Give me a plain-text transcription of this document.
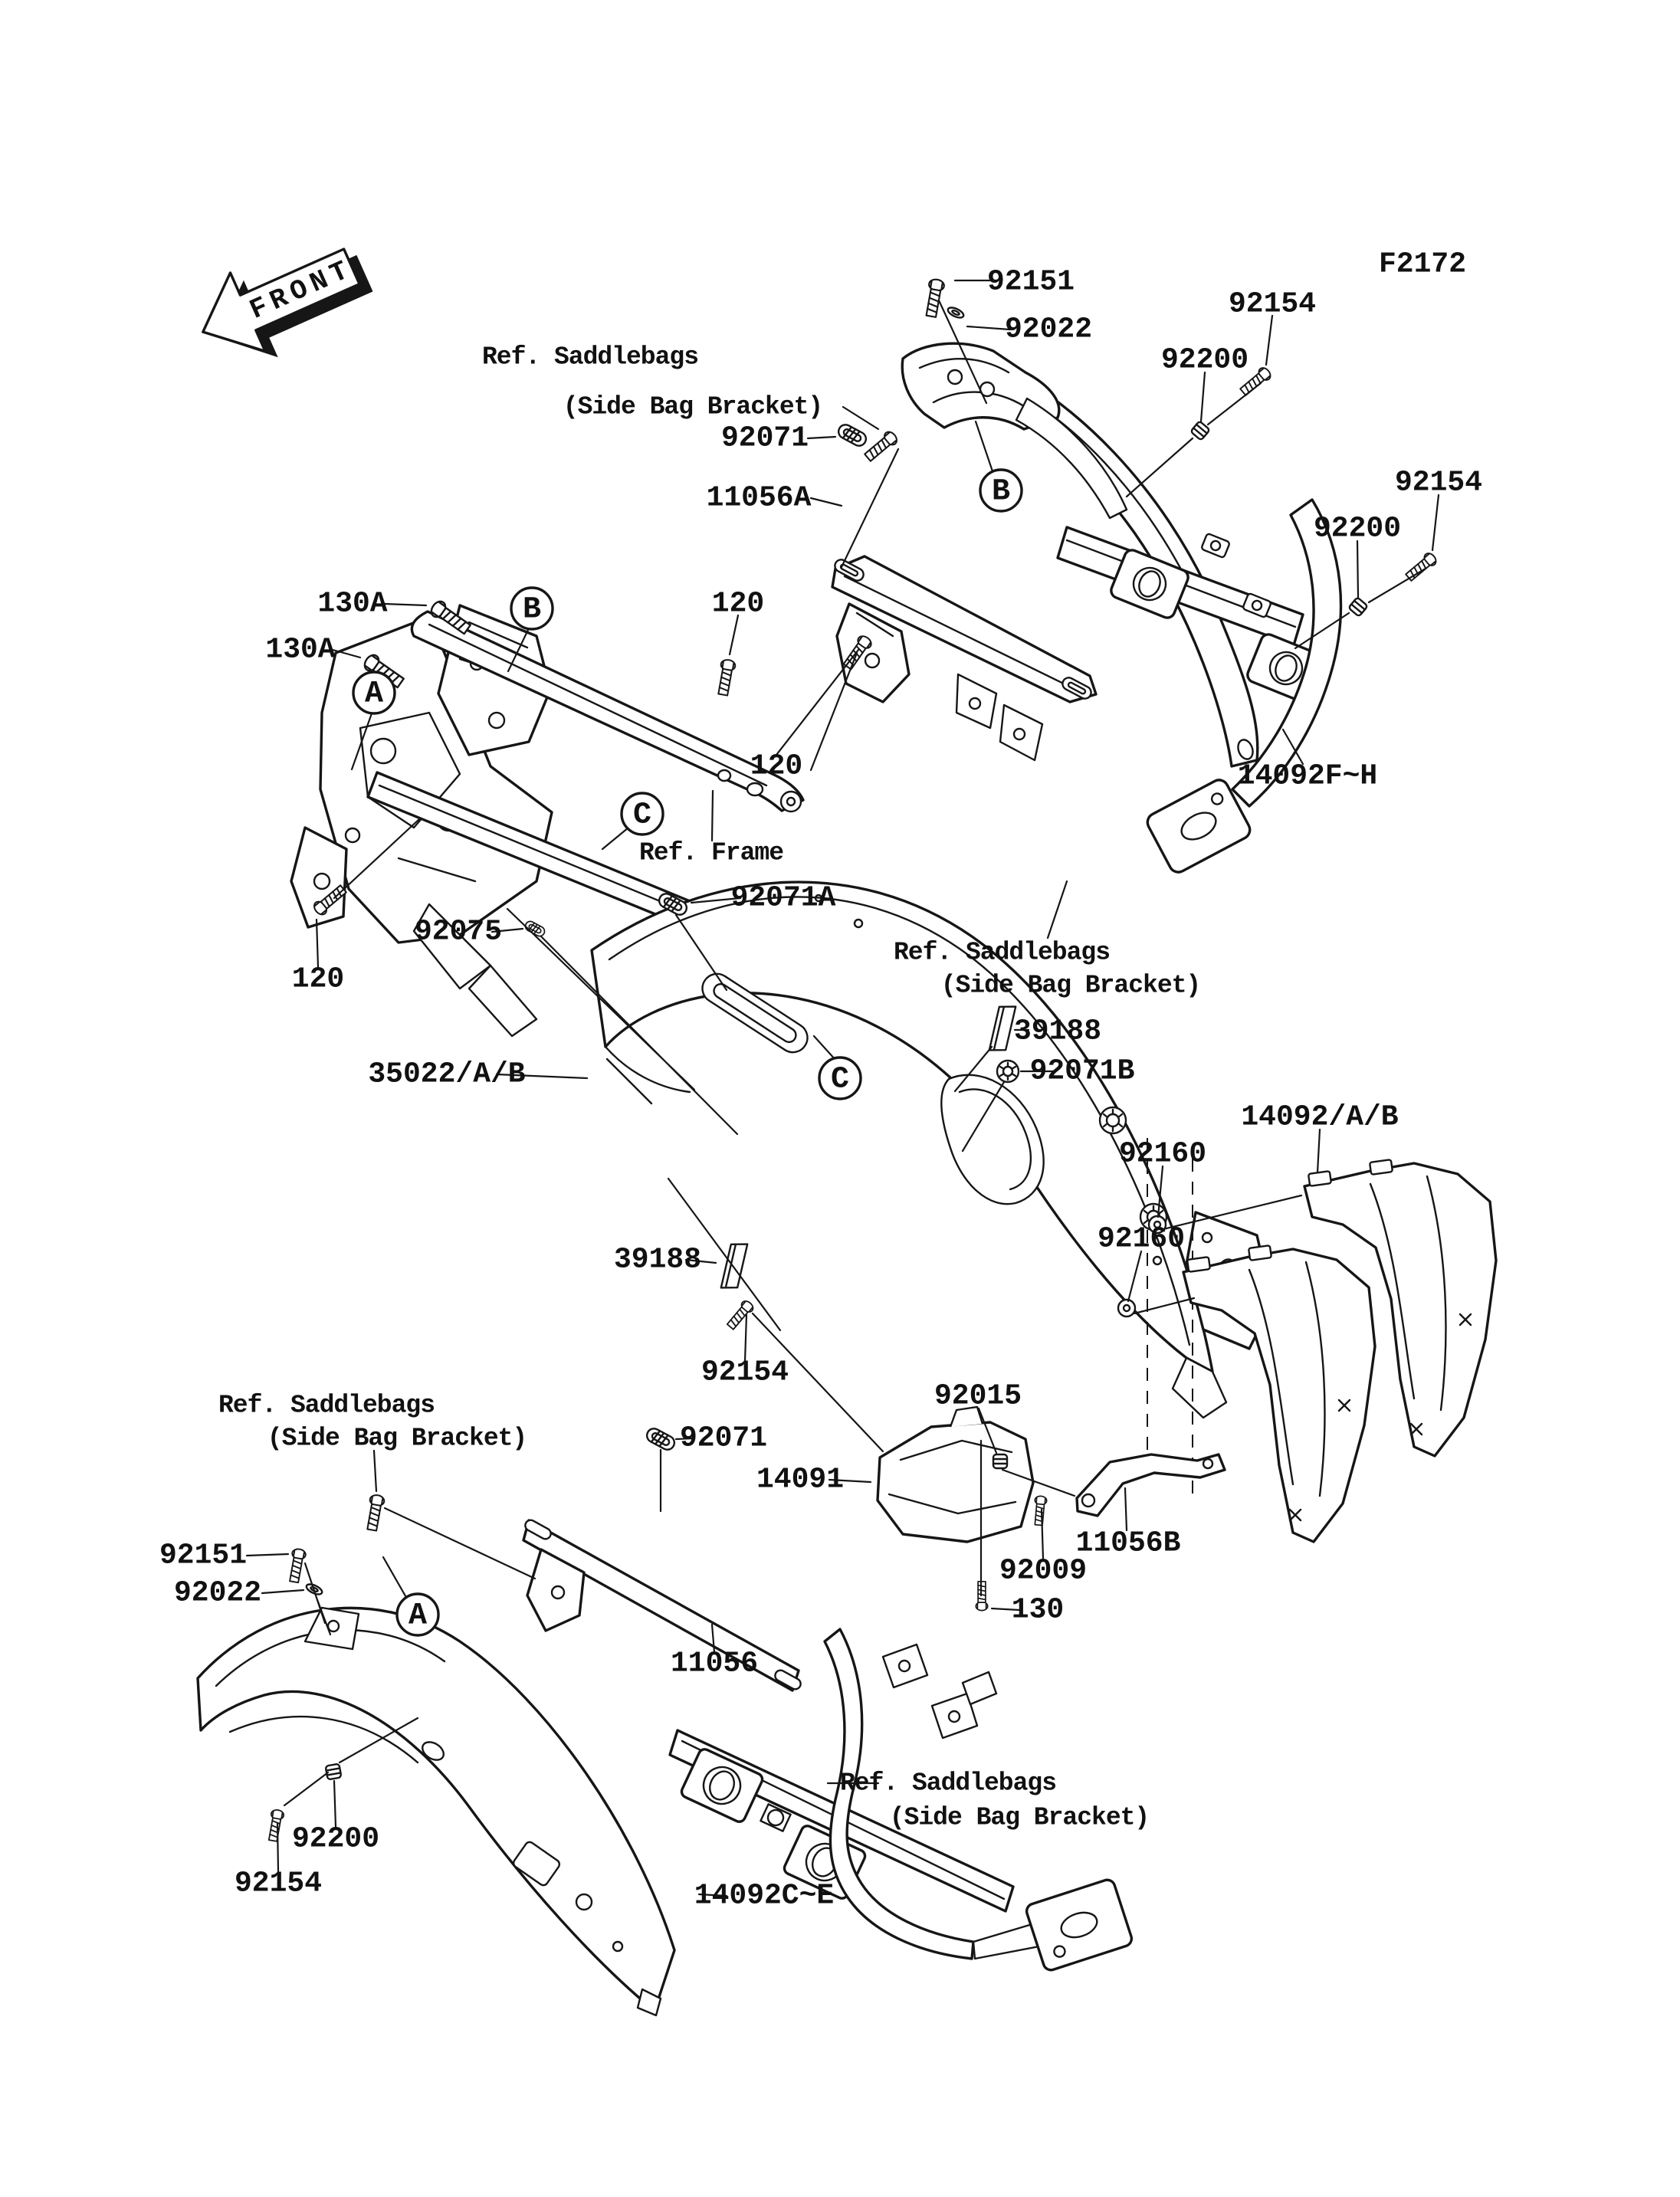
FRONT	F2172
92151
92022
Ref. Saddlebags
(Side Bag Bracket)
92071
11056A
92154
92200
92154
92200
14092F~H
130A
130A
120
120
Ref. Frame
92071A
92075
120
35022/A/B
Ref. Saddlebags
(Side Bag Bracket)
39188
92071B
14092/A/B
92160
92160
39188
92154
92015
92071
14091
11056B
92009
130
Ref. Saddlebags
(Side Bag Bracket)
92151
92022
11056
92200
92154	14092C~E
Ref. Saddlebags
(Side Bag Bracket)
B
B
A
C
C
A
